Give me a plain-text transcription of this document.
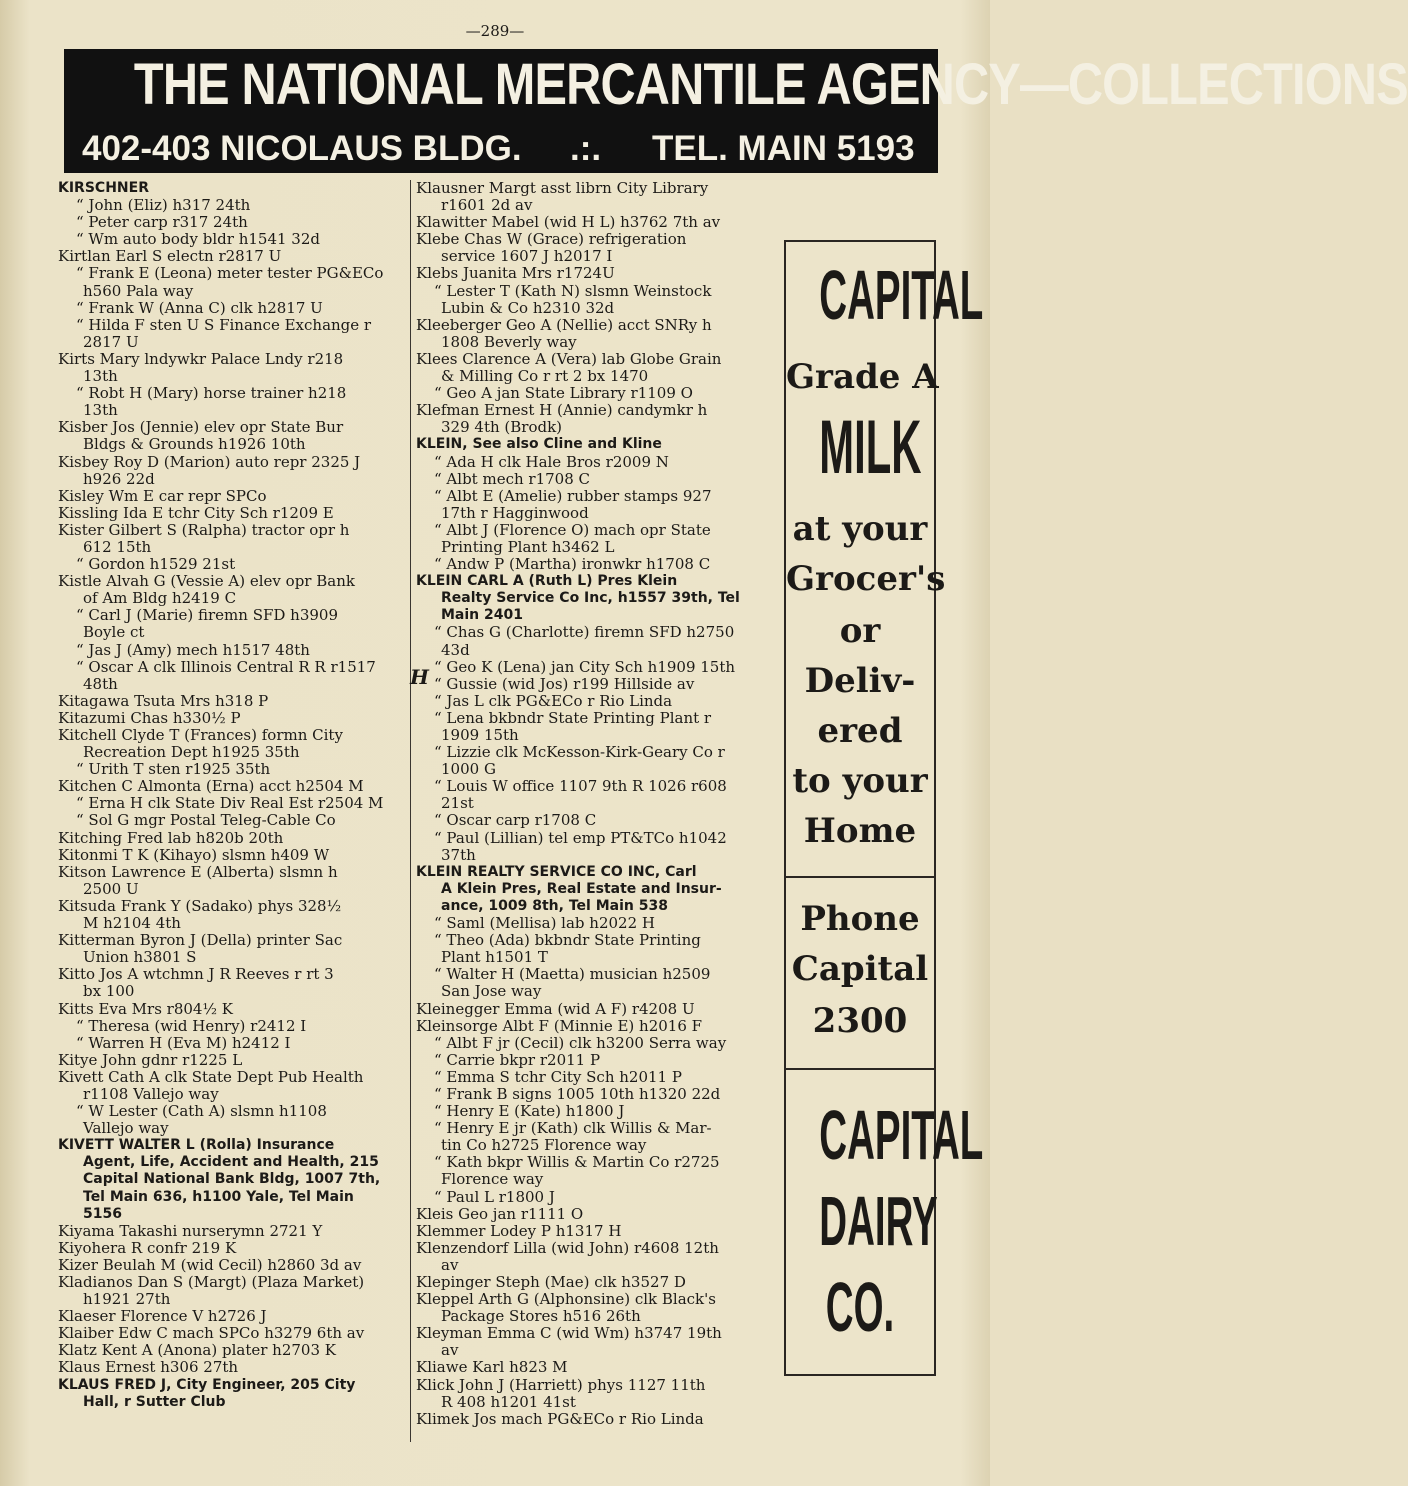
—289—
THE NATIONAL MERCANTILE AGENCY—COLLECTIONS
402-403 NICOLAUS BLDG. .:. TEL. MAIN 5193
KIRSCHNER
“ John (Eliz) h317 24th
“ Peter carp r317 24th
“ Wm auto body bldr h1541 32d
Kirtlan Earl S electn r2817 U
“ Frank E (Leona) meter tester PG&ECo
h560 Pala way
“ Frank W (Anna C) clk h2817 U
“ Hilda F sten U S Finance Exchange r
2817 U
Kirts Mary lndywkr Palace Lndy r218
13th
“ Robt H (Mary) horse trainer h218
13th
Kisber Jos (Jennie) elev opr State Bur
Bldgs & Grounds h1926 10th
Kisbey Roy D (Marion) auto repr 2325 J
h926 22d
Kisley Wm E car repr SPCo
Kissling Ida E tchr City Sch r1209 E
Kister Gilbert S (Ralpha) tractor opr h
612 15th
“ Gordon h1529 21st
Kistle Alvah G (Vessie A) elev opr Bank
of Am Bldg h2419 C
“ Carl J (Marie) firemn SFD h3909
Boyle ct
“ Jas J (Amy) mech h1517 48th
“ Oscar A clk Illinois Central R R r1517
48th
Kitagawa Tsuta Mrs h318 P
Kitazumi Chas h330½ P
Kitchell Clyde T (Frances) formn City
Recreation Dept h1925 35th
“ Urith T sten r1925 35th
Kitchen C Almonta (Erna) acct h2504 M
“ Erna H clk State Div Real Est r2504 M
“ Sol G mgr Postal Teleg-Cable Co
Kitching Fred lab h820b 20th
Kitonmi T K (Kihayo) slsmn h409 W
Kitson Lawrence E (Alberta) slsmn h
2500 U
Kitsuda Frank Y (Sadako) phys 328½
M h2104 4th
Kitterman Byron J (Della) printer Sac
Union h3801 S
Kitto Jos A wtchmn J R Reeves r rt 3
bx 100
Kitts Eva Mrs r804½ K
“ Theresa (wid Henry) r2412 I
“ Warren H (Eva M) h2412 I
Kitye John gdnr r1225 L
Kivett Cath A clk State Dept Pub Health
r1108 Vallejo way
“ W Lester (Cath A) slsmn h1108
Vallejo way
KIVETT WALTER L (Rolla) Insurance
Agent, Life, Accident and Health, 215
Capital National Bank Bldg, 1007 7th,
Tel Main 636, h1100 Yale, Tel Main
5156
Kiyama Takashi nurserymn 2721 Y
Kiyohera R confr 219 K
Kizer Beulah M (wid Cecil) h2860 3d av
Kladianos Dan S (Margt) (Plaza Market)
h1921 27th
Klaeser Florence V h2726 J
Klaiber Edw C mach SPCo h3279 6th av
Klatz Kent A (Anona) plater h2703 K
Klaus Ernest h306 27th
KLAUS FRED J, City Engineer, 205 City
Hall, r Sutter Club
Klausner Margt asst librn City Library
r1601 2d av
Klawitter Mabel (wid H L) h3762 7th av
Klebe Chas W (Grace) refrigeration
service 1607 J h2017 I
Klebs Juanita Mrs r1724U
“ Lester T (Kath N) slsmn Weinstock
Lubin & Co h2310 32d
Kleeberger Geo A (Nellie) acct SNRy h
1808 Beverly way
Klees Clarence A (Vera) lab Globe Grain
& Milling Co r rt 2 bx 1470
“ Geo A jan State Library r1109 O
Klefman Ernest H (Annie) candymkr h
329 4th (Brodk)
KLEIN, See also Cline and Kline
“ Ada H clk Hale Bros r2009 N
“ Albt mech r1708 C
“ Albt E (Amelie) rubber stamps 927
17th r Hagginwood
“ Albt J (Florence O) mach opr State
Printing Plant h3462 L
“ Andw P (Martha) ironwkr h1708 C
KLEIN CARL A (Ruth L) Pres Klein
Realty Service Co Inc, h1557 39th, Tel
Main 2401
“ Chas G (Charlotte) firemn SFD h2750
43d
“ Geo K (Lena) jan City Sch h1909 15th
“ Gussie (wid Jos) r199 Hillside av
“ Jas L clk PG&ECo r Rio Linda
“ Lena bkbndr State Printing Plant r
1909 15th
“ Lizzie clk McKesson-Kirk-Geary Co r
1000 G
“ Louis W office 1107 9th R 1026 r608
21st
“ Oscar carp r1708 C
“ Paul (Lillian) tel emp PT&TCo h1042
37th
KLEIN REALTY SERVICE CO INC, Carl
A Klein Pres, Real Estate and Insur-
ance, 1009 8th, Tel Main 538
“ Saml (Mellisa) lab h2022 H
“ Theo (Ada) bkbndr State Printing
Plant h1501 T
“ Walter H (Maetta) musician h2509
San Jose way
Kleinegger Emma (wid A F) r4208 U
Kleinsorge Albt F (Minnie E) h2016 F
“ Albt F jr (Cecil) clk h3200 Serra way
“ Carrie bkpr r2011 P
“ Emma S tchr City Sch h2011 P
“ Frank B signs 1005 10th h1320 22d
“ Henry E (Kate) h1800 J
“ Henry E jr (Kath) clk Willis & Mar-
tin Co h2725 Florence way
“ Kath bkpr Willis & Martin Co r2725
Florence way
“ Paul L r1800 J
Kleis Geo jan r1111 O
Klemmer Lodey P h1317 H
Klenzendorf Lilla (wid John) r4608 12th
av
Klepinger Steph (Mae) clk h3527 D
Kleppel Arth G (Alphonsine) clk Black's
Package Stores h516 26th
Kleyman Emma C (wid Wm) h3747 19th
av
Kliawe Karl h823 M
Klick John J (Harriett) phys 1127 11th
R 408 h1201 41st
Klimek Jos mach PG&ECo r Rio Linda
H
CAPITAL
Grade A
MILK
at your
Grocer's
or
Deliv-
ered
to your
Home
Phone
Capital
2300
CAPITAL
DAIRY
CO.
